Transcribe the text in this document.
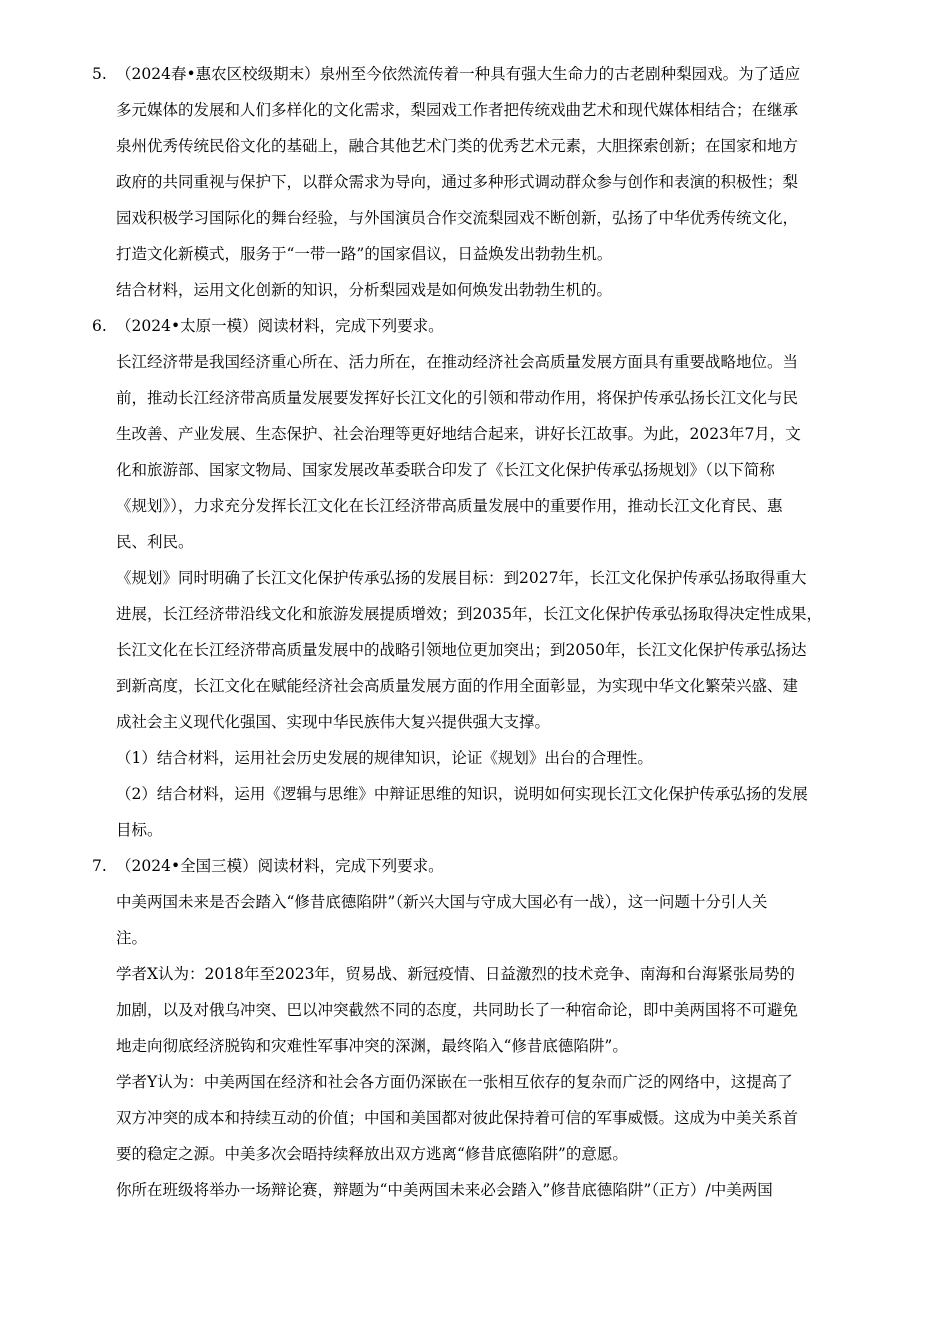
5. （2024春•惠农区校级期末）泉州至今依然流传着一种具有强大生命力的古老剧种梨园戏。为了适应
多元媒体的发展和人们多样化的文化需求，梨园戏工作者把传统戏曲艺术和现代媒体相结合；在继承
泉州优秀传统民俗文化的基础上，融合其他艺术门类的优秀艺术元素，大胆探索创新；在国家和地方
政府的共同重视与保护下，以群众需求为导向，通过多种形式调动群众参与创作和表演的积极性；梨
园戏积极学习国际化的舞台经验，与外国演员合作交流梨园戏不断创新，弘扬了中华优秀传统文化，
打造文化新模式，服务于“一带一路”的国家倡议，日益焕发出勃勃生机。
结合材料，运用文化创新的知识，分析梨园戏是如何焕发出勃勃生机的。
6. （2024•太原一模）阅读材料，完成下列要求。
长江经济带是我国经济重心所在、活力所在，在推动经济社会高质量发展方面具有重要战略地位。当
前，推动长江经济带高质量发展要发挥好长江文化的引领和带动作用，将保护传承弘扬长江文化与民
生改善、产业发展、生态保护、社会治理等更好地结合起来，讲好长江故事。为此，2023年7月，文
化和旅游部、国家文物局、国家发展改革委联合印发了《长江文化保护传承弘扬规划》（以下简称
《规划》），力求充分发挥长江文化在长江经济带高质量发展中的重要作用，推动长江文化育民、惠
民、利民。
《规划》同时明确了长江文化保护传承弘扬的发展目标：到2027年，长江文化保护传承弘扬取得重大
进展，长江经济带沿线文化和旅游发展提质增效；到2035年，长江文化保护传承弘扬取得决定性成果，
长江文化在长江经济带高质量发展中的战略引领地位更加突出；到2050年，长江文化保护传承弘扬达
到新高度，长江文化在赋能经济社会高质量发展方面的作用全面彰显，为实现中华文化繁荣兴盛、建
成社会主义现代化强国、实现中华民族伟大复兴提供强大支撑。
（1）结合材料，运用社会历史发展的规律知识，论证《规划》出台的合理性。
（2）结合材料，运用《逻辑与思维》中辩证思维的知识，说明如何实现长江文化保护传承弘扬的发展
目标。
7. （2024•全国三模）阅读材料，完成下列要求。
中美两国未来是否会踏入“修昔底德陷阱”（新兴大国与守成大国必有一战），这一问题十分引人关
注。
学者X认为：2018年至2023年，贸易战、新冠疫情、日益激烈的技术竞争、南海和台海紧张局势的
加剧，以及对俄乌冲突、巴以冲突截然不同的态度，共同助长了一种宿命论，即中美两国将不可避免
地走向彻底经济脱钩和灾难性军事冲突的深渊，最终陷入“修昔底德陷阱”。
学者Y认为：中美两国在经济和社会各方面仍深嵌在一张相互依存的复杂而广泛的网络中，这提高了
双方冲突的成本和持续互动的价值；中国和美国都对彼此保持着可信的军事威慑。这成为中美关系首
要的稳定之源。中美多次会晤持续释放出双方逃离“修昔底德陷阱”的意愿。
你所在班级将举办一场辩论赛，辩题为“中美两国未来必会踏入”修昔底德陷阱”（正方）/中美两国
